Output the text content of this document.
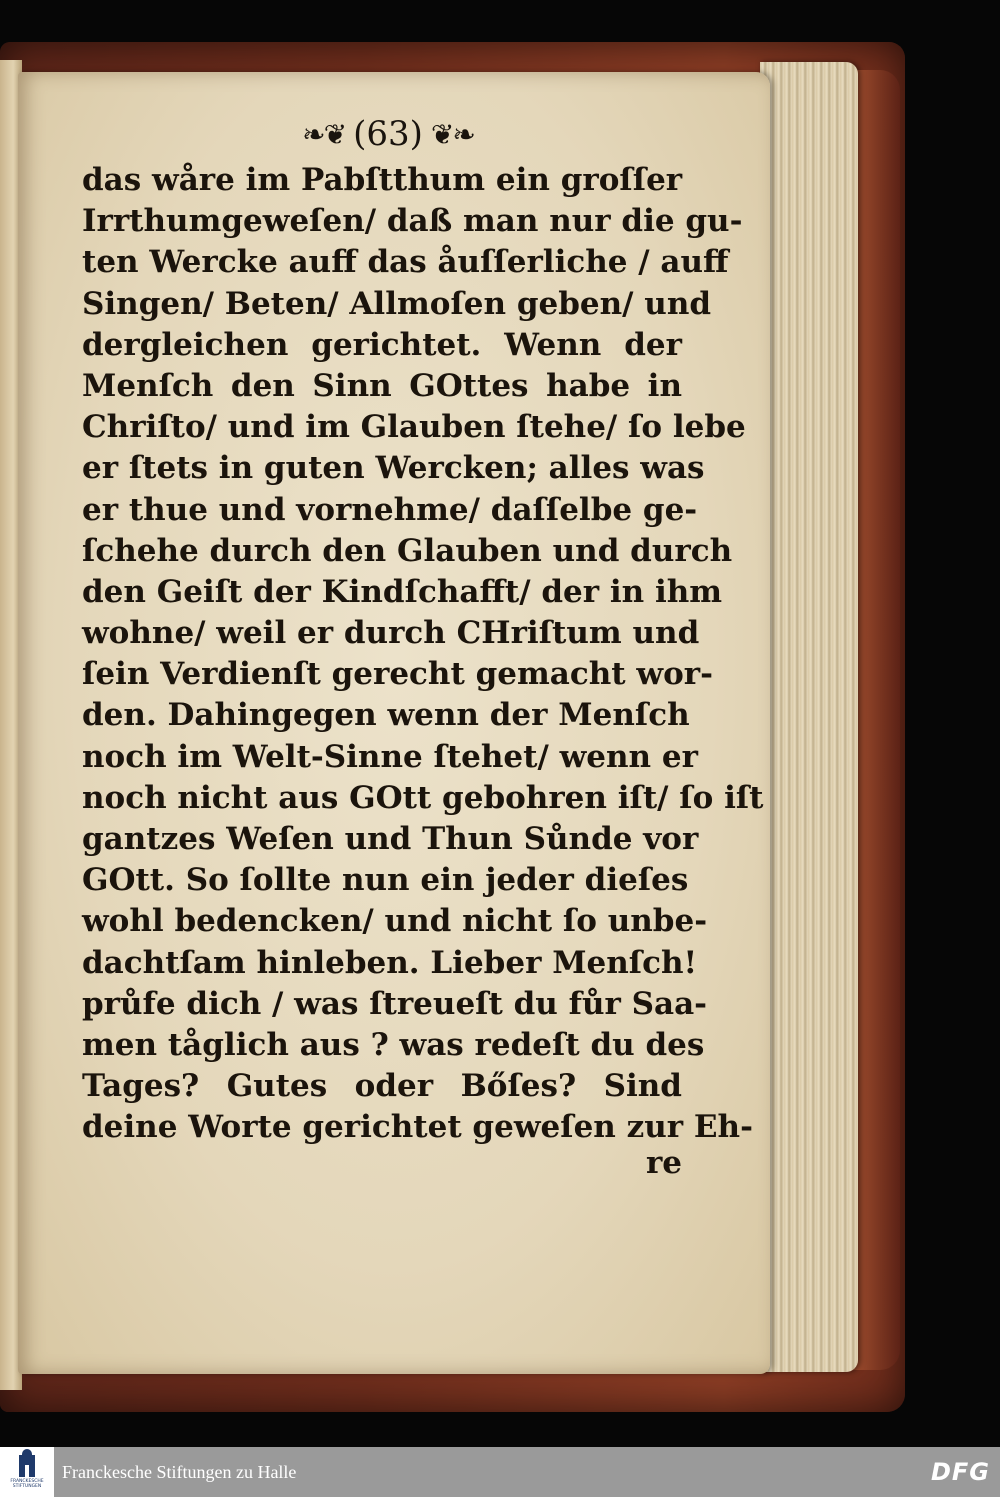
❧❦ (63) ❦❧
das wåre im Pabſtthum ein groſſer
Irrthumgeweſen/ daß man nur die gu-
ten Wercke auff das åuſſerliche / auff
Singen/ Beten/ Allmoſen geben/ und
dergleichen gerichtet. Wenn der
Menſch den Sinn GOttes habe in
Chriſto/ und im Glauben ſtehe/ ſo lebe
er ſtets in guten Wercken; alles was
er thue und vornehme/ daſſelbe ge-
ſchehe durch den Glauben und durch
den Geiſt der Kindſchafft/ der in ihm
wohne/ weil er durch CHriſtum und
ſein Verdienſt gerecht gemacht wor-
den. Dahingegen wenn der Menſch
noch im Welt-Sinne ſtehet/ wenn er
noch nicht aus GOtt gebohren iſt/ ſo iſt
gantzes Weſen und Thun Sůnde vor
GOtt. So ſollte nun ein jeder dieſes
wohl bedencken/ und nicht ſo unbe-
dachtſam hinleben. Lieber Menſch!
průfe dich / was ſtreueſt du fůr Saa-
men tåglich aus ? was redeſt du des
Tages? Gutes oder Bőſes? Sind
deine Worte gerichtet geweſen zur Eh-
re
FRANCKESCHE
STIFTUNGEN
Franckesche Stiftungen zu Halle	DFG
